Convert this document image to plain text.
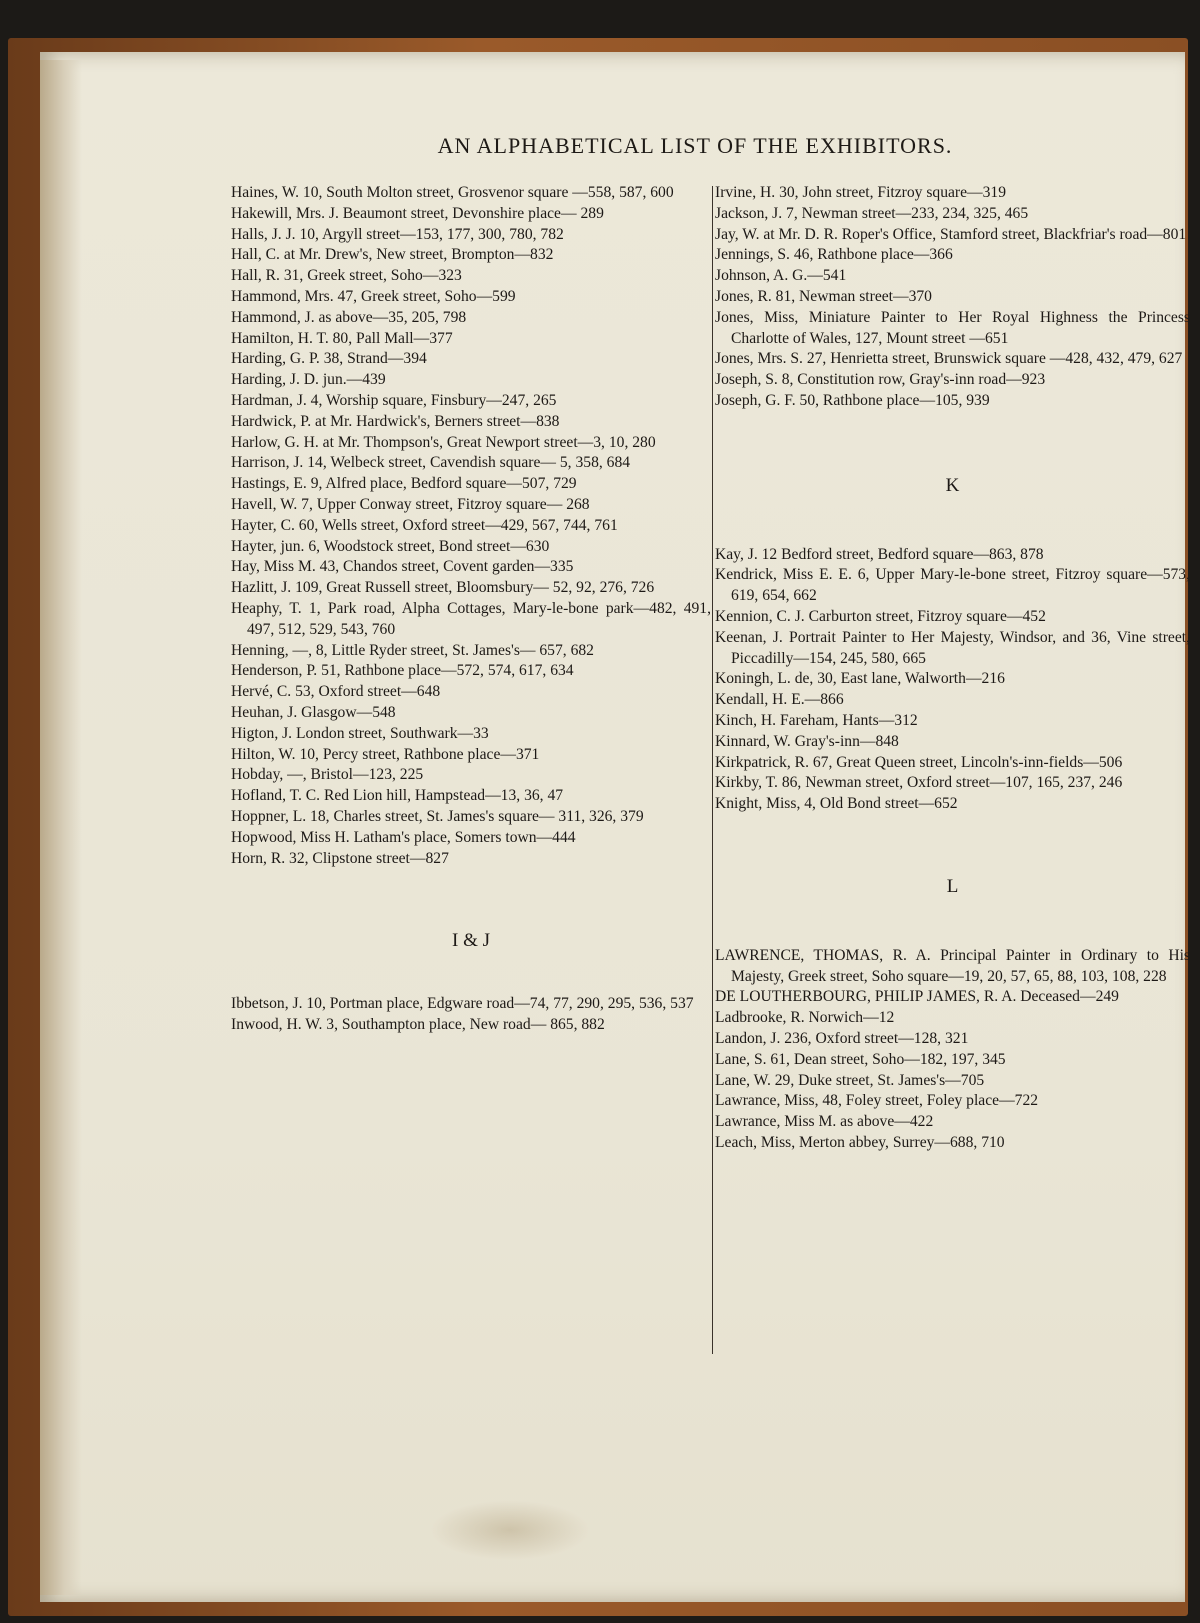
AN ALPHABETICAL LIST OF THE EXHIBITORS.
Haines, W. 10, South Molton street, Grosvenor square —558, 587, 600
Hakewill, Mrs. J. Beaumont street, Devonshire place— 289
Halls, J. J. 10, Argyll street—153, 177, 300, 780, 782
Hall, C. at Mr. Drew's, New street, Brompton—832
Hall, R. 31, Greek street, Soho—323
Hammond, Mrs. 47, Greek street, Soho—599
Hammond, J. as above—35, 205, 798
Hamilton, H. T. 80, Pall Mall—377
Harding, G. P. 38, Strand—394
Harding, J. D. jun.—439
Hardman, J. 4, Worship square, Finsbury—247, 265
Hardwick, P. at Mr. Hardwick's, Berners street—838
Harlow, G. H. at Mr. Thompson's, Great Newport street—3, 10, 280
Harrison, J. 14, Welbeck street, Cavendish square— 5, 358, 684
Hastings, E. 9, Alfred place, Bedford square—507, 729
Havell, W. 7, Upper Conway street, Fitzroy square— 268
Hayter, C. 60, Wells street, Oxford street—429, 567, 744, 761
Hayter, jun. 6, Woodstock street, Bond street—630
Hay, Miss M. 43, Chandos street, Covent garden—335
Hazlitt, J. 109, Great Russell street, Bloomsbury— 52, 92, 276, 726
Heaphy, T. 1, Park road, Alpha Cottages, Mary-le-bone park—482, 491, 497, 512, 529, 543, 760
Henning, —, 8, Little Ryder street, St. James's— 657, 682
Henderson, P. 51, Rathbone place—572, 574, 617, 634
Hervé, C. 53, Oxford street—648
Heuhan, J. Glasgow—548
Higton, J. London street, Southwark—33
Hilton, W. 10, Percy street, Rathbone place—371
Hobday, —, Bristol—123, 225
Hofland, T. C. Red Lion hill, Hampstead—13, 36, 47
Hoppner, L. 18, Charles street, St. James's square— 311, 326, 379
Hopwood, Miss H. Latham's place, Somers town—444
Horn, R. 32, Clipstone street—827
I & J
Ibbetson, J. 10, Portman place, Edgware road—74, 77, 290, 295, 536, 537
Inwood, H. W. 3, Southampton place, New road— 865, 882
Irvine, H. 30, John street, Fitzroy square—319
Jackson, J. 7, Newman street—233, 234, 325, 465
Jay, W. at Mr. D. R. Roper's Office, Stamford street, Blackfriar's road—801
Jennings, S. 46, Rathbone place—366
Johnson, A. G.—541
Jones, R. 81, Newman street—370
Jones, Miss, Miniature Painter to Her Royal Highness the Princess Charlotte of Wales, 127, Mount street —651
Jones, Mrs. S. 27, Henrietta street, Brunswick square —428, 432, 479, 627
Joseph, S. 8, Constitution row, Gray's-inn road—923
Joseph, G. F. 50, Rathbone place—105, 939
K
Kay, J. 12 Bedford street, Bedford square—863, 878
Kendrick, Miss E. E. 6, Upper Mary-le-bone street, Fitzroy square—573, 619, 654, 662
Kennion, C. J. Carburton street, Fitzroy square—452
Keenan, J. Portrait Painter to Her Majesty, Windsor, and 36, Vine street, Piccadilly—154, 245, 580, 665
Koningh, L. de, 30, East lane, Walworth—216
Kendall, H. E.—866
Kinch, H. Fareham, Hants—312
Kinnard, W. Gray's-inn—848
Kirkpatrick, R. 67, Great Queen street, Lincoln's-inn-fields—506
Kirkby, T. 86, Newman street, Oxford street—107, 165, 237, 246
Knight, Miss, 4, Old Bond street—652
L
LAWRENCE, THOMAS, R. A. Principal Painter in Ordinary to His Majesty, Greek street, Soho square—19, 20, 57, 65, 88, 103, 108, 228
DE LOUTHERBOURG, PHILIP JAMES, R. A. Deceased—249
Ladbrooke, R. Norwich—12
Landon, J. 236, Oxford street—128, 321
Lane, S. 61, Dean street, Soho—182, 197, 345
Lane, W. 29, Duke street, St. James's—705
Lawrance, Miss, 48, Foley street, Foley place—722
Lawrance, Miss M. as above—422
Leach, Miss, Merton abbey, Surrey—688, 710
